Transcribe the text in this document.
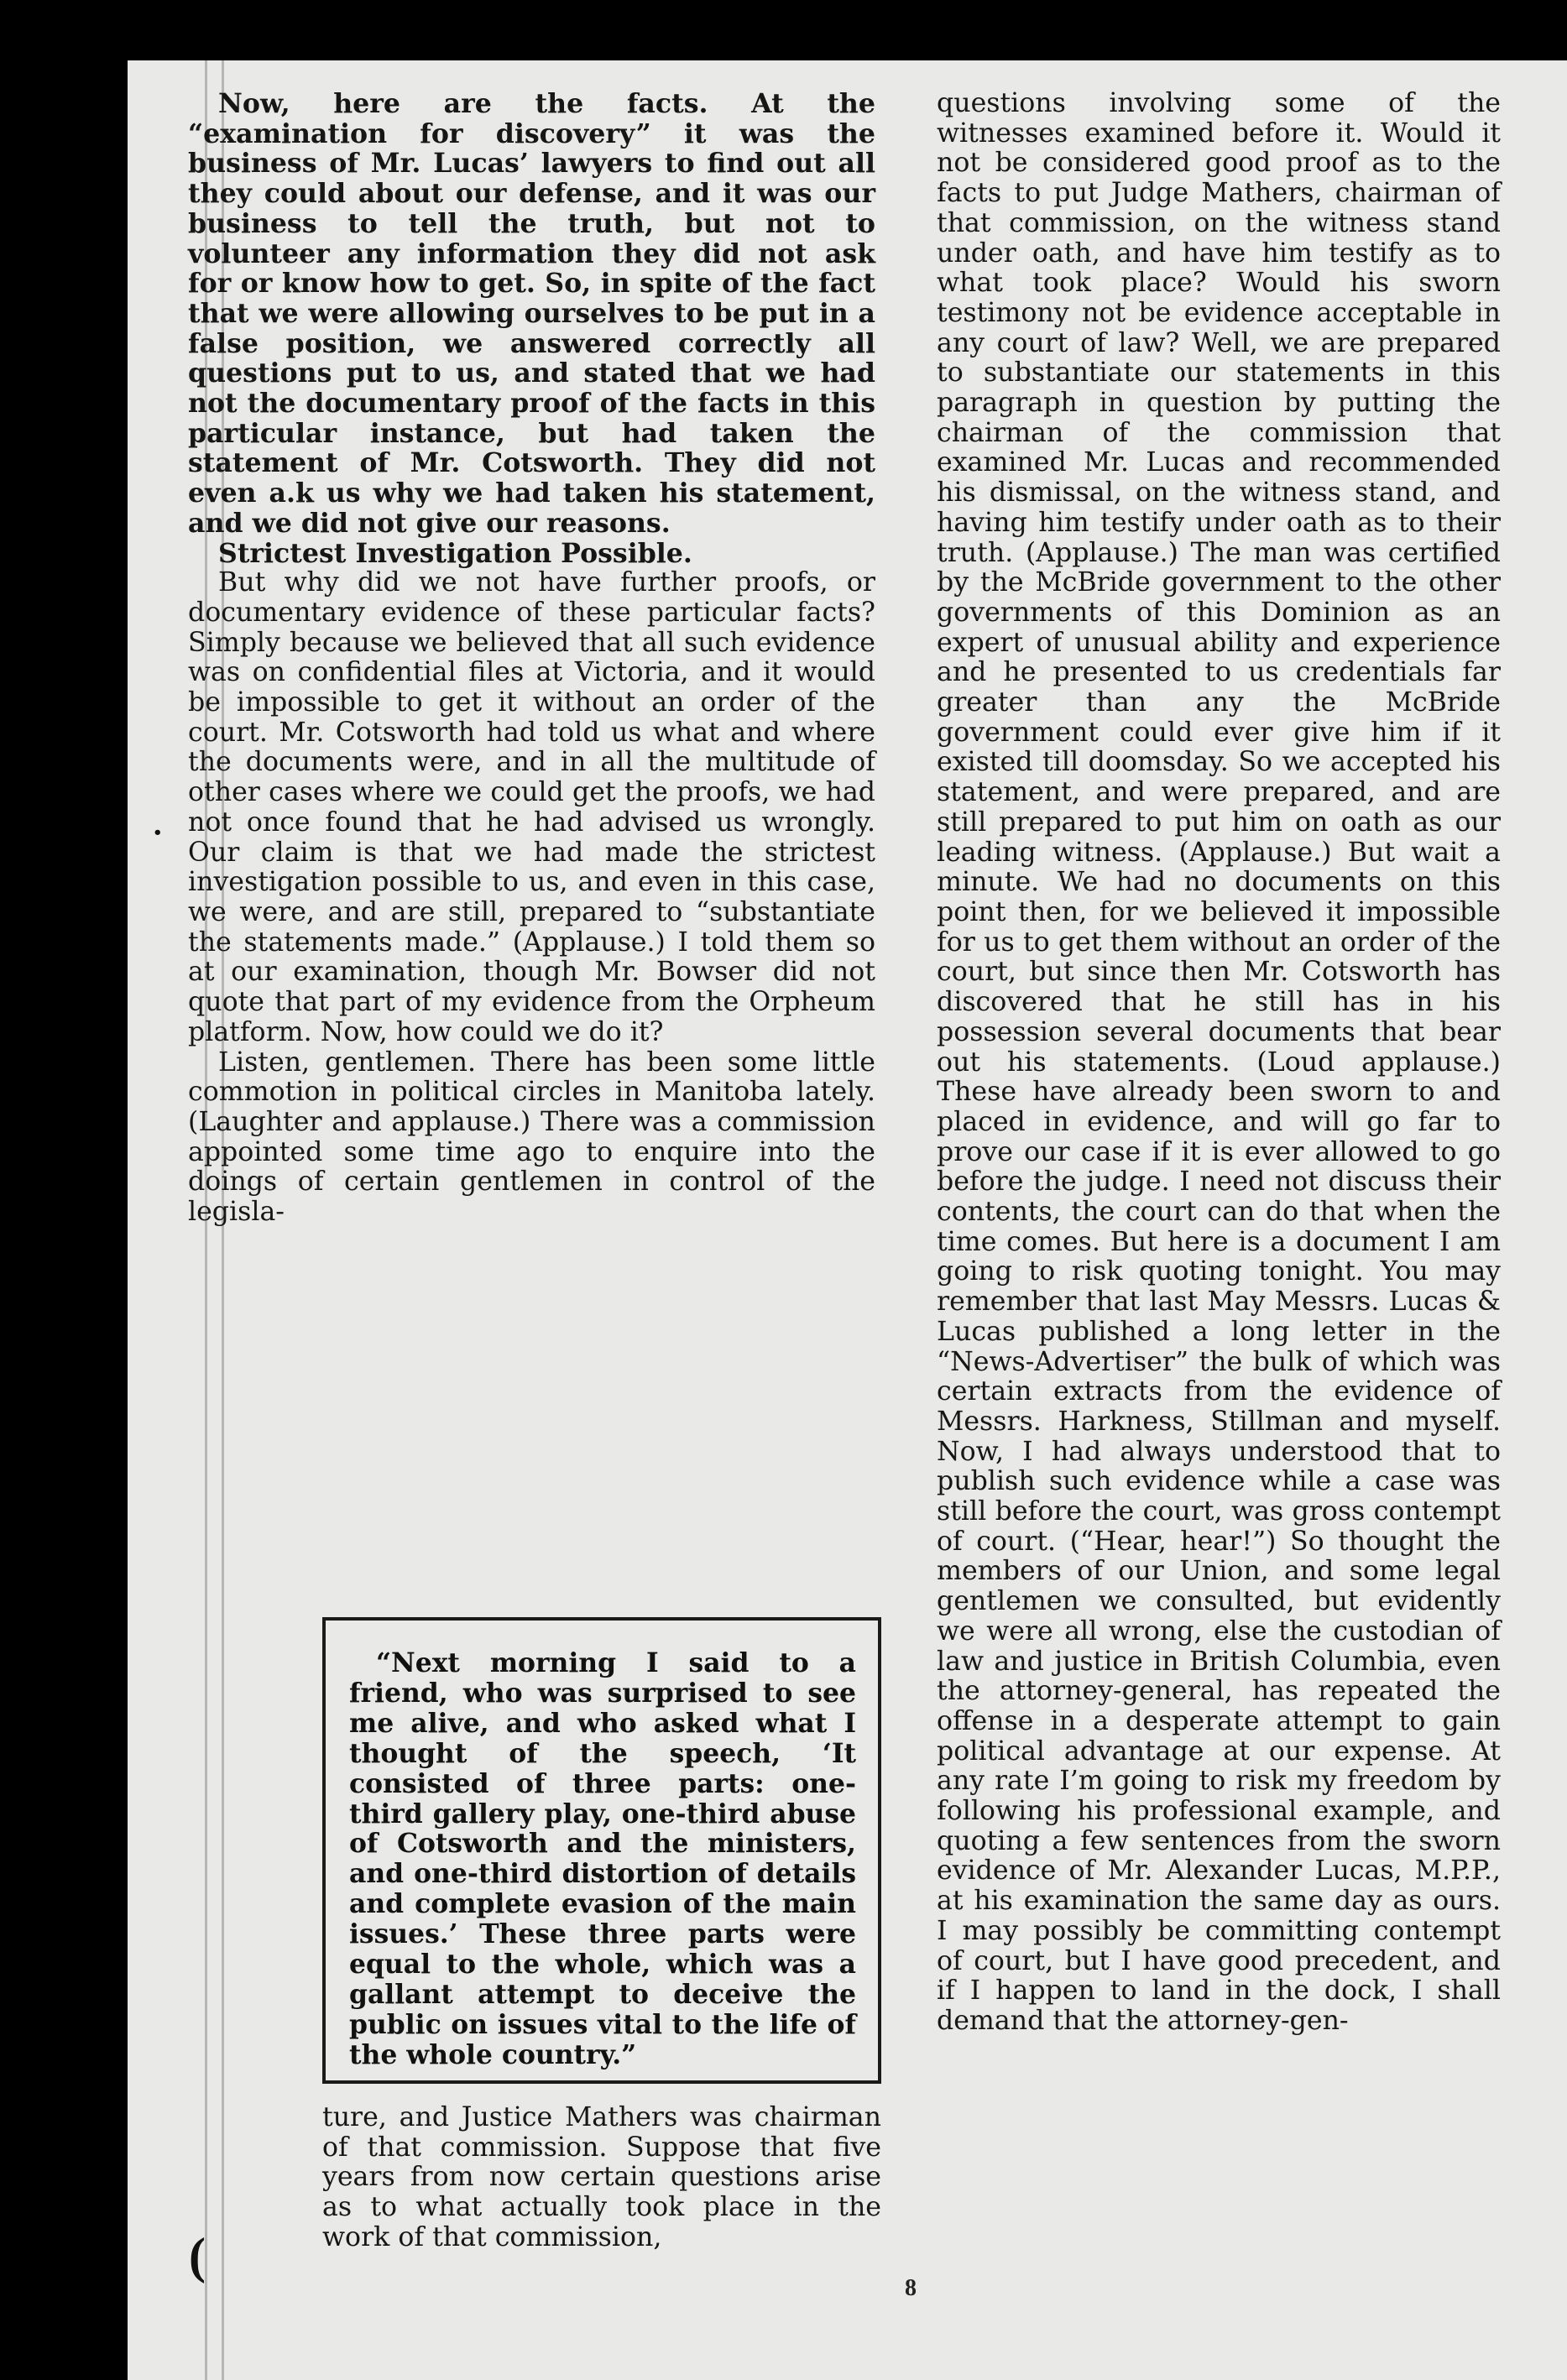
Now, here are the facts. At the “examination for discovery” it was the business of Mr. Lucas’ lawyers to find out all they could about our defense, and it was our business to tell the truth, but not to volunteer any information they did not ask for or know how to get. So, in spite of the fact that we were allowing ourselves to be put in a false position, we answered correctly all questions put to us, and stated that we had not the documentary proof of the facts in this particular instance, but had taken the statement of Mr. Cotsworth. They did not even a.k us why we had taken his statement, and we did not give our reasons.

Strictest Investigation Possible.

But why did we not have further proofs, or documentary evidence of these particular facts? Simply because we believed that all such evidence was on confidential files at Victoria, and it would be impossible to get it without an order of the court. Mr. Cotsworth had told us what and where the documents were, and in all the multitude of other cases where we could get the proofs, we had not once found that he had advised us wrongly. Our claim is that we had made the strictest investigation possible to us, and even in this case, we were, and are still, prepared to “substantiate the statements made.” (Applause.) I told them so at our examination, though Mr. Bowser did not quote that part of my evidence from the Orpheum platform. Now, how could we do it?

Listen, gentlemen. There has been some little commotion in political circles in Manitoba lately. (Laughter and applause.) There was a commission appointed some time ago to enquire into the doings of certain gentlemen in control of the legisla-

“Next morning I said to a friend, who was surprised to see me alive, and who asked what I thought of the speech, ‘It consisted of three parts: one-third gallery play, one-third abuse of Cotsworth and the ministers, and one-third distortion of details and complete evasion of the main issues.’ These three parts were equal to the whole, which was a gallant attempt to deceive the public on issues vital to the life of the whole country.”

ture, and Justice Mathers was chairman of that commission. Suppose that five years from now certain questions arise as to what actually took place in the work of that commission,

questions involving some of the witnesses examined before it. Would it not be considered good proof as to the facts to put Judge Mathers, chairman of that commission, on the witness stand under oath, and have him testify as to what took place? Would his sworn testimony not be evidence acceptable in any court of law? Well, we are prepared to substantiate our statements in this paragraph in question by putting the chairman of the commission that examined Mr. Lucas and recommended his dismissal, on the witness stand, and having him testify under oath as to their truth. (Applause.) The man was certified by the McBride government to the other governments of this Dominion as an expert of unusual ability and experience and he presented to us credentials far greater than any the McBride government could ever give him if it existed till doomsday. So we accepted his statement, and were prepared, and are still prepared to put him on oath as our leading witness. (Applause.) But wait a minute. We had no documents on this point then, for we believed it impossible for us to get them without an order of the court, but since then Mr. Cotsworth has discovered that he still has in his possession several documents that bear out his statements. (Loud applause.) These have already been sworn to and placed in evidence, and will go far to prove our case if it is ever allowed to go before the judge. I need not discuss their contents, the court can do that when the time comes. But here is a document I am going to risk quoting tonight. You may remember that last May Messrs. Lucas & Lucas published a long letter in the “News-Advertiser” the bulk of which was certain extracts from the evidence of Messrs. Harkness, Stillman and myself. Now, I had always understood that to publish such evidence while a case was still before the court, was gross contempt of court. (“Hear, hear!”) So thought the members of our Union, and some legal gentlemen we consulted, but evidently we were all wrong, else the custodian of law and justice in British Columbia, even the attorney-general, has repeated the offense in a desperate attempt to gain political advantage at our expense. At any rate I’m going to risk my freedom by following his professional example, and quoting a few sentences from the sworn evidence of Mr. Alexander Lucas, M.P.P., at his examination the same day as ours. I may possibly be committing contempt of court, but I have good precedent, and if I happen to land in the dock, I shall demand that the attorney-gen-

8
•
(
